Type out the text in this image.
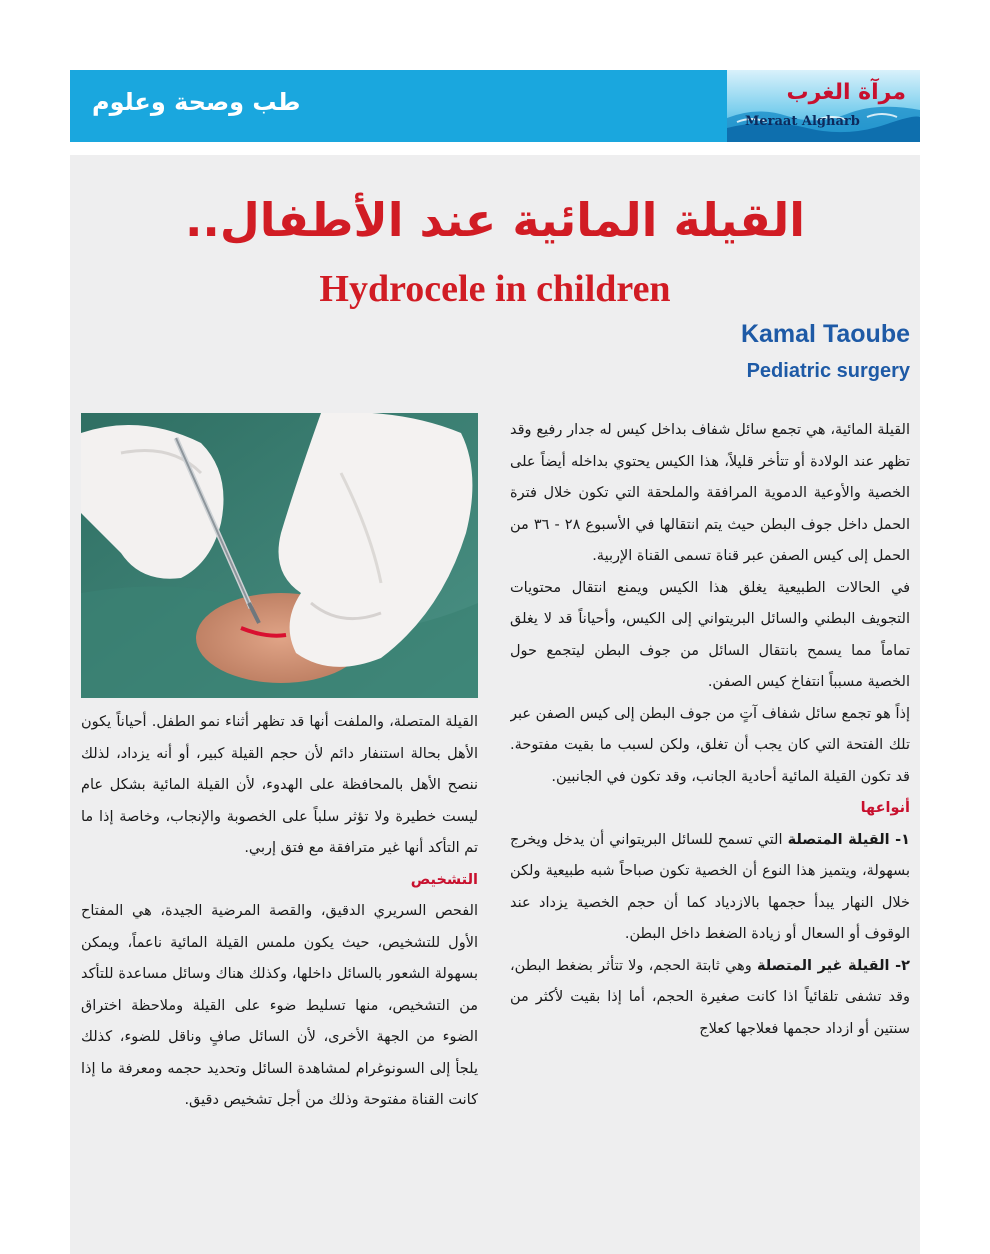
طب وصحة وعلوم	مرآة الغرب
Meraat Algharb
القيلة المائية عند الأطفال..
Hydrocele in children
Kamal Taoube
Pediatric surgery

القيلة المائية، هي تجمع سائل شفاف بداخل كيس له جدار رفيع وقد تظهر عند الولادة أو تتأخر قليلاً، هذا الكيس يحتوي بداخله أيضاً على الخصية والأوعية الدموية المرافقة والملحقة التي تكون خلال فترة الحمل داخل جوف البطن حيث يتم انتقالها في الأسبوع ٢٨ - ٣٦ من الحمل إلى كيس الصفن عبر قناة تسمى القناة الإربية.

في الحالات الطبيعية يغلق هذا الكيس ويمنع انتقال محتويات التجويف البطني والسائل البريتواني إلى الكيس، وأحياناً قد لا يغلق تماماً مما يسمح بانتقال السائل من جوف البطن ليتجمع حول الخصية مسبباً انتفاخ كيس الصفن.

إذاً هو تجمع سائل شفاف آتٍ من جوف البطن إلى كيس الصفن عبر تلك الفتحة التي كان يجب أن تغلق، ولكن لسبب ما بقيت مفتوحة. قد تكون القيلة المائية أحادية الجانب، وقد تكون في الجانبين.

أنواعها

١- القيلة المتصلة التي تسمح للسائل البريتواني أن يدخل ويخرج بسهولة، ويتميز هذا النوع أن الخصية تكون صباحاً شبه طبيعية ولكن خلال النهار يبدأ حجمها بالازدياد كما أن حجم الخصية يزداد عند الوقوف أو السعال أو زيادة الضغط داخل البطن.

٢- القيلة غير المتصلة وهي ثابتة الحجم، ولا تتأثر بضغط البطن، وقد تشفى تلقائياً اذا كانت صغيرة الحجم، أما إذا بقيت لأكثر من سنتين أو ازداد حجمها فعلاجها كعلاج

القيلة المتصلة، والملفت أنها قد تظهر أثناء نمو الطفل. أحياناً يكون الأهل بحالة استنفار دائم لأن حجم القيلة كبير، أو أنه يزداد، لذلك ننصح الأهل بالمحافظة على الهدوء، لأن القيلة المائية بشكل عام ليست خطيرة ولا تؤثر سلباً على الخصوبة والإنجاب، وخاصة إذا ما تم التأكد أنها غير مترافقة مع فتق إربي.

التشخيص

الفحص السريري الدقيق، والقصة المرضية الجيدة، هي المفتاح الأول للتشخيص، حيث يكون ملمس القيلة المائية ناعماً، ويمكن بسهولة الشعور بالسائل داخلها، وكذلك هناك وسائل مساعدة للتأكد من التشخيص، منها تسليط ضوء على القيلة وملاحظة اختراق الضوء من الجهة الأخرى، لأن السائل صافٍ وناقل للضوء، كذلك يلجأ إلى السونوغرام لمشاهدة السائل وتحديد حجمه ومعرفة ما إذا كانت القناة مفتوحة وذلك من أجل تشخيص دقيق.
